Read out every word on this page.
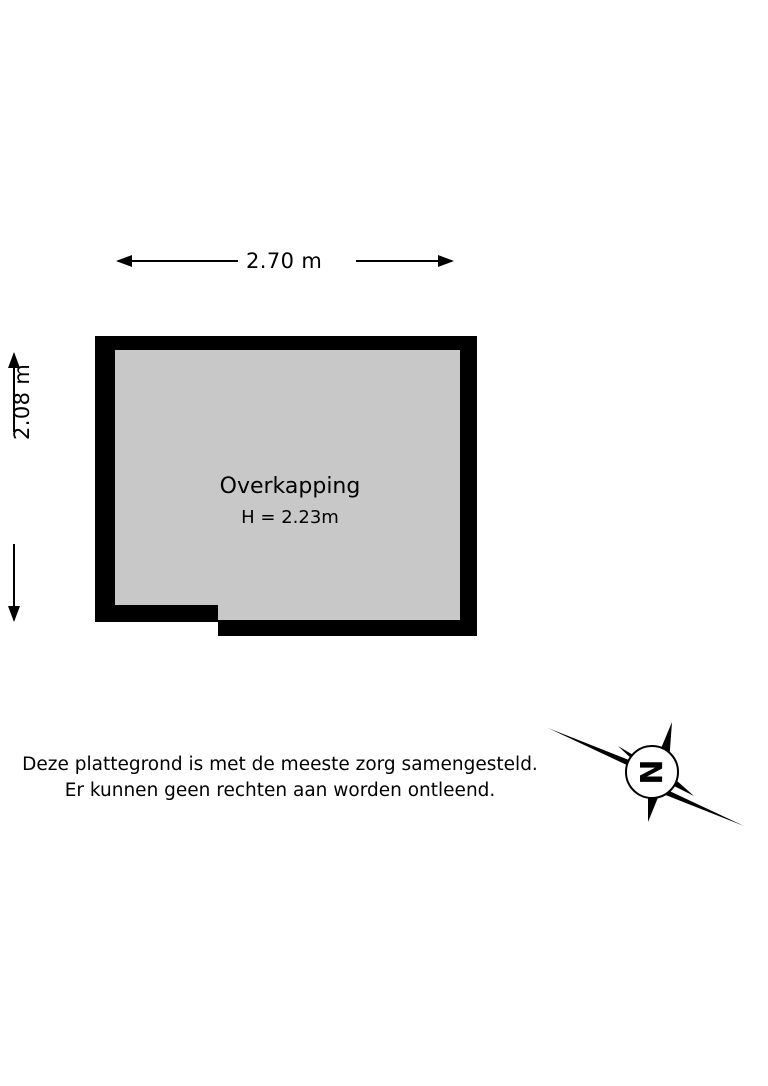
2.70 m
2.08 m
Overkapping
H = 2.23m
Deze plattegrond is met de meeste zorg samengesteld.
Er kunnen geen rechten aan worden ontleend.
N
